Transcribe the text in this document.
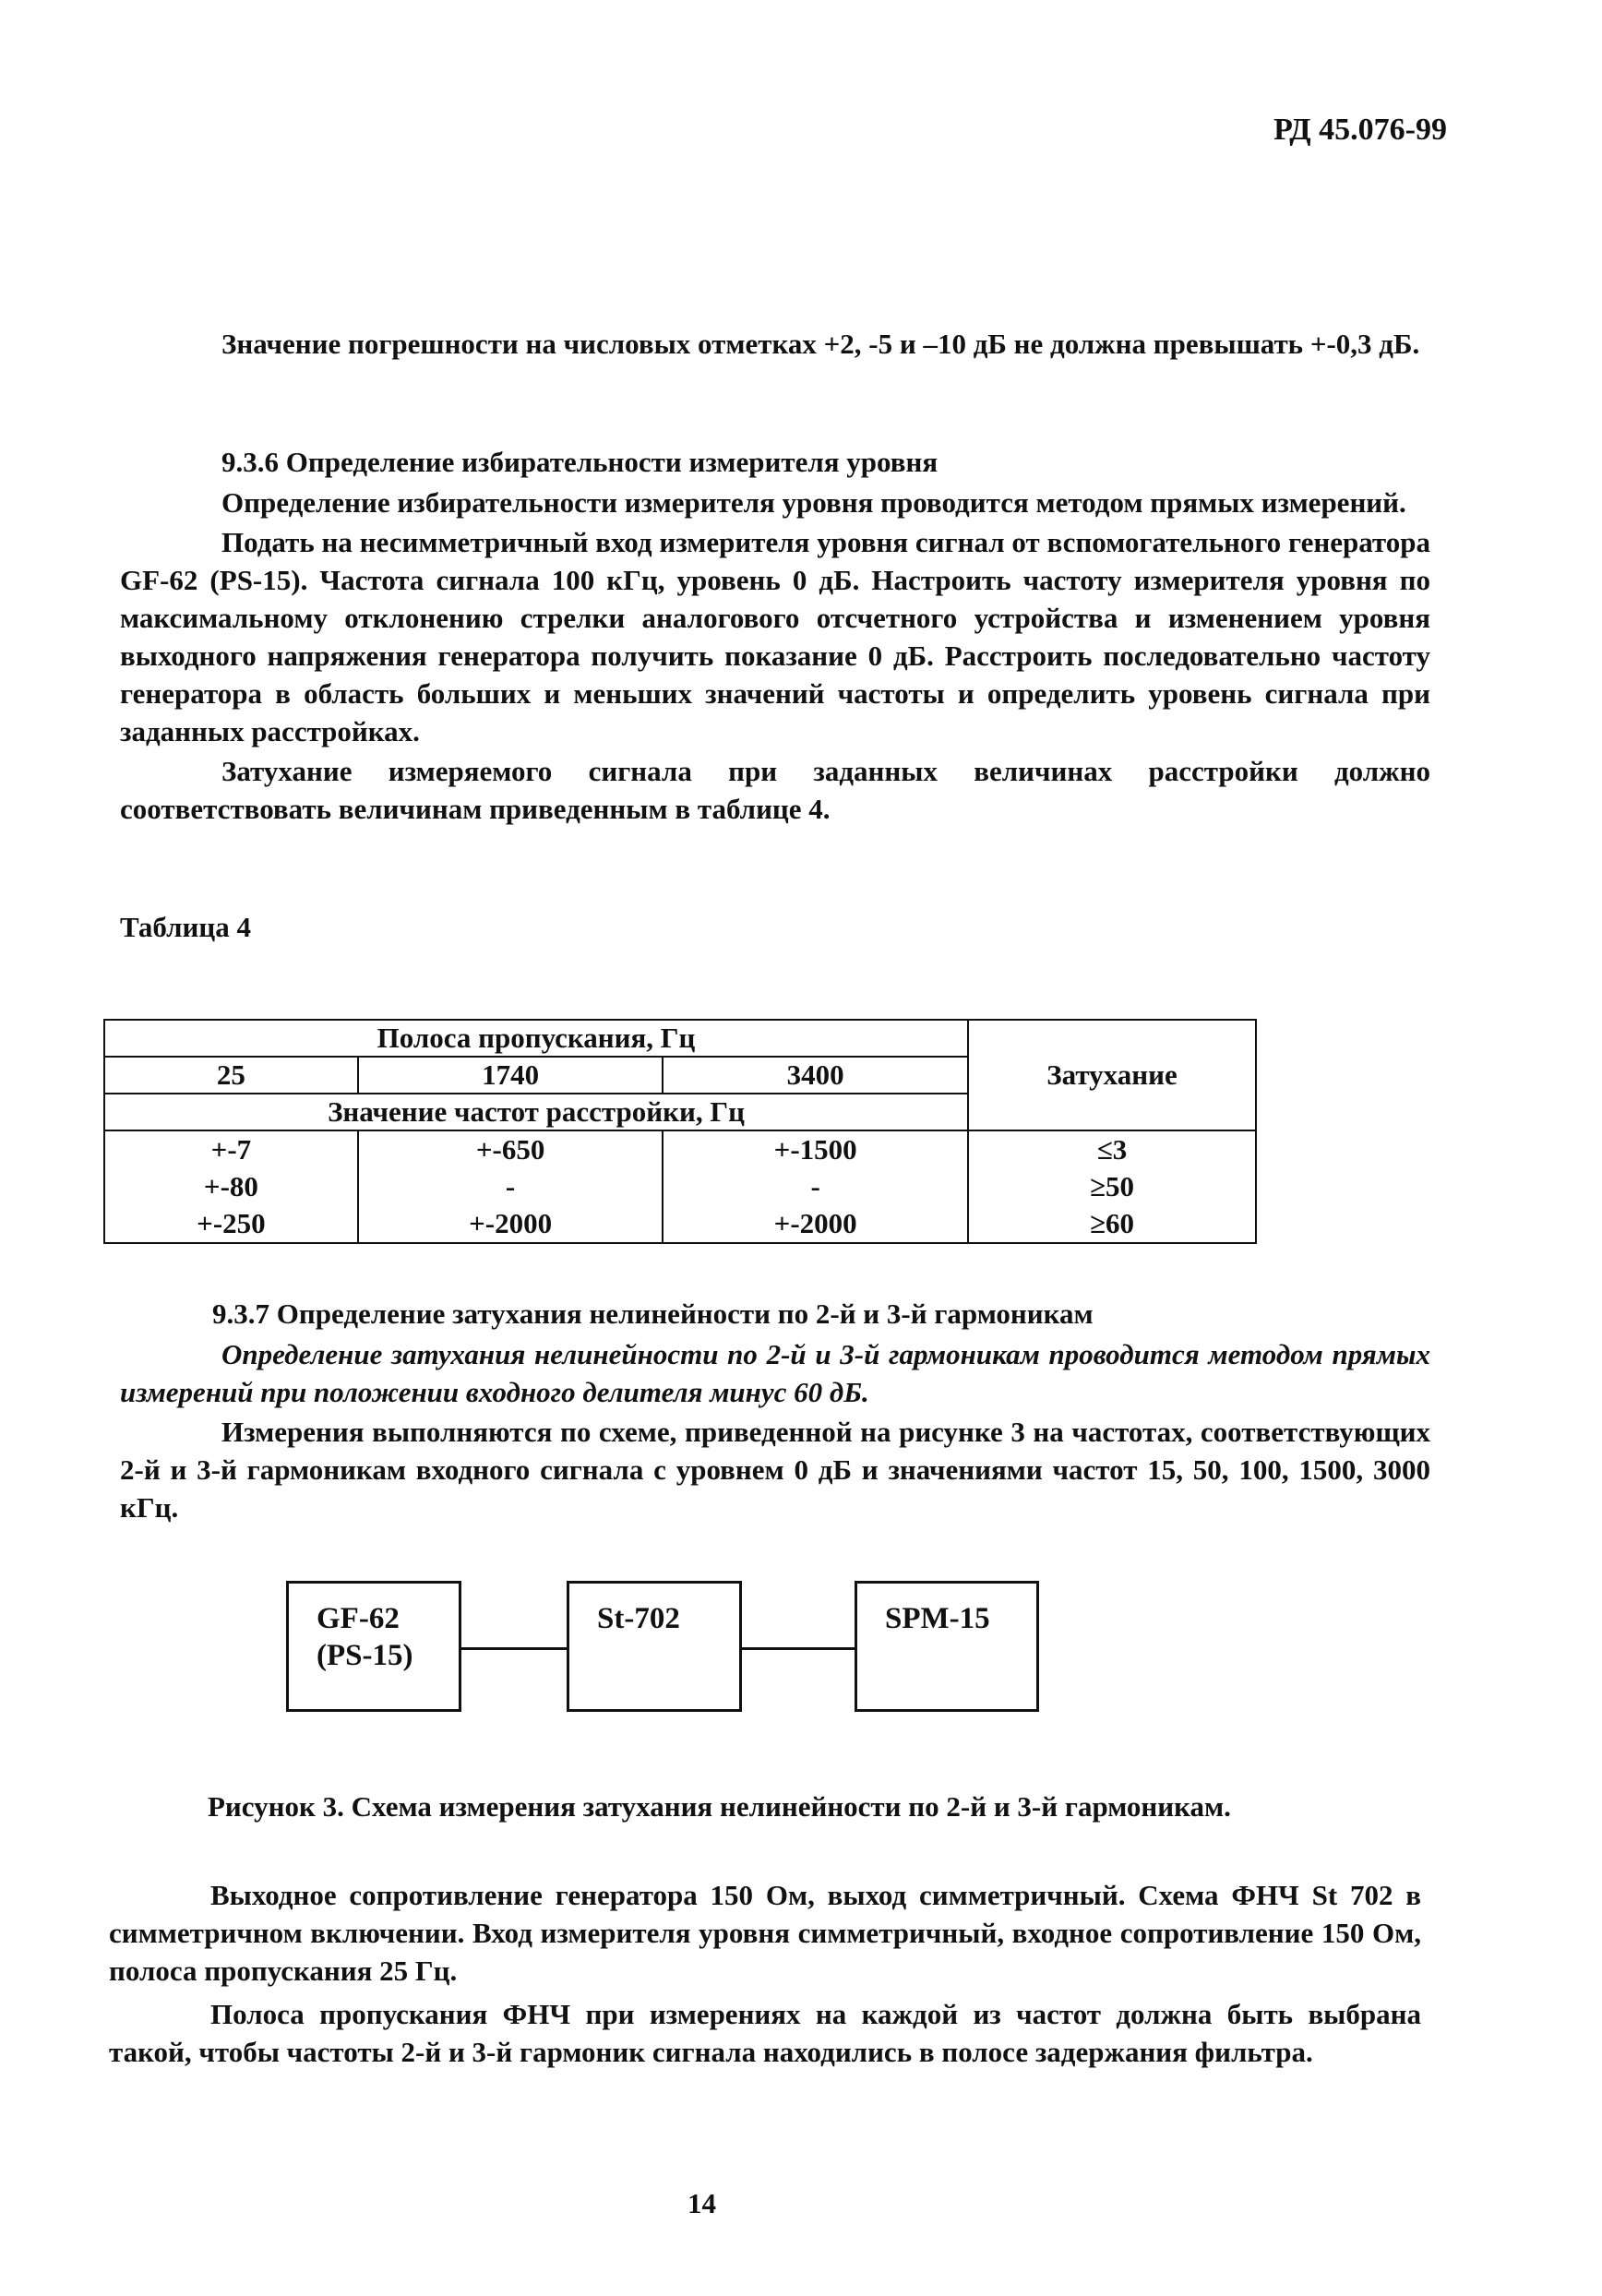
РД 45.076-99

Значение погрешности на числовых отметках +2, -5 и –10 дБ не должна превышать +-0,3 дБ.

9.3.6 Определение избирательности измерителя уровня

Определение избирательности измерителя уровня проводится методом прямых измерений.

Подать на несимметричный вход измерителя уровня сигнал от вспомогательного генератора GF-62 (PS-15). Частота сигнала 100 кГц, уровень 0 дБ. Настроить частоту измерителя уровня по максимальному отклонению стрелки аналогового отсчетного устройства и изменением уровня выходного напряжения генератора получить показание 0 дБ. Расстроить последовательно частоту генератора в область больших и меньших значений частоты и определить уровень сигнала при заданных расстройках.

Затухание измеряемого сигнала при заданных величинах расстройки должно соответствовать величинам приведенным в таблице 4.

Таблица 4
Полоса пропускания, Гц			Затухание
25	1740	3400	
Значение частот расстройки, Гц			
+-7	+-650	+-1500	≤3
+-80	-	-	≥50
+-250	+-2000	+-2000	≥60
9.3.7 Определение затухания нелинейности по 2-й и 3-й гармоникам

Определение затухания нелинейности по 2-й и 3-й гармоникам проводится методом прямых измерений при положении входного делителя минус 60 дБ.

Измерения выполняются по схеме, приведенной на рисунке 3 на частотах, соответствующих 2-й и 3-й гармоникам входного сигнала с уровнем 0 дБ и значениями частот 15, 50, 100, 1500, 3000 кГц.

GF-62
(PS-15)
St-702	SPM-15
Рисунок 3. Схема измерения затухания нелинейности по 2-й и 3-й гармоникам.

Выходное сопротивление генератора 150 Ом, выход симметричный. Схема ФНЧ St 702 в симметричном включении. Вход измерителя уровня симметричный, входное сопротивление 150 Ом, полоса пропускания 25 Гц.

Полоса пропускания ФНЧ при измерениях на каждой из частот должна быть выбрана такой, чтобы частоты 2-й и 3-й гармоник сигнала находились в полосе задержания фильтра.

14
